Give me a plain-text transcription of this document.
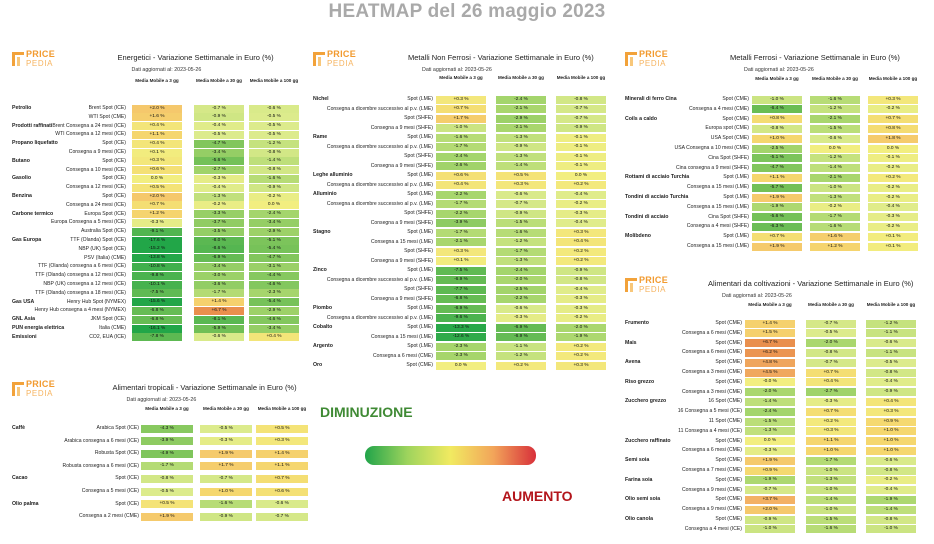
HEATMAP del 26 maggio 2023
PRICE
PEDIA
Energetici - Variazione Settimanale in Euro (%)
Dati aggiornati al: 2023-05-26
Media Mobile a 3 gg	Media Mobile a 30 gg	Media Mobile a 100 gg
Petrolio	Brent Spot (ICE)	+2.0 %	-0.7 %	-0.6 %
WTI Spot (CME)	+1.6 %	-0.9 %	-0.5 %
Prodotti raffinati Brent Consegna a 24 mesi (ICE)	+0.4 %	-0.4 %	-0.5 %
WTI Consegna a 12 mesi (ICE)	+1.1 %	-0.5 %	-0.5 %
Propano liquefatto	Spot (ICE)	+0.4 %	-4.7 %	-1.2 %
Consegna a 9 mesi (ICE)	+0.1 %	-3.4 %	-0.8 %
Butano	Spot (ICE)	+0.3 %	-5.6 %	-1.4 %
Consegna a 10 mesi (ICE)	+0.6 %	-2.7 %	-0.8 %
Gasolio	Spot (ICE)	0.0 %	-0.3 %	-1.6 %
Consegna a 12 mesi (ICE)	+0.5 %	-0.4 %	-0.9 %
Benzina	Spot (ICE)	+2.0 %	-1.3 %	-0.2 %
Consegna a 24 mesi (ICE)	+0.7 %	-0.2 %	0.0 %
Carbone termico	Europa Spot (ICE)	+1.2 %	-3.3 %	-2.4 %
Europa Consegna a 5 mesi (ICE)	-0.3 %	-3.7 %	-3.4 %
Australia Spot (ICE)	-9.1 %	-3.5 %	-2.9 %
Gas Europa	TTF (Olanda) Spot (ICE)	-17.6 %	-8.0 %	-5.1 %
NBP (UK) Spot (ICE)	-15.2 %	-8.6 %	-5.4 %
PSV (Italia) (CME)	-13.8 %	-6.9 %	-4.7 %
TTF (Olanda) consegna a 6 mesi (ICE)	-10.8 %	-3.4 %	-3.1 %
TTF (Olanda) consegna a 12 mesi (ICE)	-9.8 %	-3.0 %	-4.4 %
NBP (UK) consegna a 12 mesi (ICE)	-10.1 %	-3.6 %	-4.6 %
TTF (Olanda) consegna a 18 mesi (ICE)	-7.5 %	-1.7 %	-2.3 %
Gas USA	Henry Hub Spot (NYMEX)	-15.6 %	+1.4 %	-5.4 %
Henry Hub consegna a 4 mesi (NYMEX)	-6.8 %	+6.7 %	-2.9 %
GNL Asia	JKM Spot (ICE)	-6.8 %	-8.1 %	-4.6 %
PUN energia elettrica	Italia (CME)	-16.1 %	-5.9 %	-3.4 %
Emissioni	CO2, EUA (ICE)	-7.8 %	-0.6 %	+0.4 %
PRICE
PEDIA
Metalli Non Ferrosi - Variazione Settimanale in Euro (%)
Dati aggiornati al: 2023-05-26
Media Mobile a 3 gg	Media Mobile a 30 gg	Media Mobile a 100 gg
Nichel	Spot (LME)	+0.3 %	-2.4 %	-0.8 %
Consegna a dicembre successivo al p.v. (LME)	+0.7 %	-2.1 %	-0.7 %
Spot (SHFE)	+1.7 %	-2.9 %	-0.7 %
Consegna a 9 mesi (SHFE)	-1.0 %	-2.1 %	-0.9 %
Rame	Spot (LME)	-1.6 %	-1.3 %	-0.1 %
Consegna a dicembre successivo al p.v. (LME)	-1.7 %	-0.9 %	-0.1 %
Spot (SHFE)	-2.4 %	-1.3 %	-0.1 %
Consegna a 9 mesi (SHFE)	-2.6 %	-1.4 %	-0.1 %
Leghe alluminio	Spot (LME)	+0.6 %	+0.5 %	0.0 %
Consegna a dicembre successivo al p.v. (LME)	+0.4 %	+0.3 %	+0.2 %
Alluminio	Spot (LME)	-2.2 %	-0.6 %	-0.4 %
Consegna a dicembre successivo al p.v. (LME)	-1.7 %	-0.7 %	-0.2 %
Spot (SHFE)	-2.2 %	-0.9 %	-0.3 %
Consegna a 9 mesi (SHFE)	-3.9 %	-1.5 %	-0.4 %
Stagno	Spot (LME)	-1.7 %	-1.6 %	+0.3 %
Consegna a 15 mesi (LME)	-2.1 %	-1.2 %	+0.4 %
Spot (SHFE)	+0.3 %	-1.7 %	+0.2 %
Consegna a 9 mesi (SHFE)	+0.1 %	-1.3 %	+0.2 %
Zinco	Spot (LME)	-7.5 %	-2.4 %	-0.9 %
Consegna a dicembre successivo al p.v. (LME)	-6.9 %	-2.0 %	-0.8 %
Spot (SHFE)	-7.7 %	-2.5 %	-0.4 %
Consegna a 9 mesi (SHFE)	-6.8 %	-2.2 %	-0.3 %
Piombo	Spot (LME)	-6.9 %	-0.6 %	-0.3 %
Consegna a dicembre successivo al p.v. (LME)	-9.6 %	-0.3 %	-0.2 %
Cobalto	Spot (LME)	-13.3 %	-6.9 %	-2.0 %
Consegna a 15 mesi (LME)	-12.6 %	-6.9 %	-1.9 %
Argento	Spot (LME)	-2.3 %	-1.1 %	+0.2 %
Consegna a 6 mesi (CME)	-2.3 %	-1.2 %	+0.2 %
Oro	Spot (CME)	0.0 %	+0.2 %	+0.3 %
PRICE
PEDIA
Metalli Ferrosi - Variazione Settimanale in Euro (%)
Dati aggiornati al: 2023-05-26
Media Mobile a 3 gg	Media Mobile a 30 gg	Media Mobile a 100 gg
Minerali di ferro Cina	Spot (CME)	-1.0 %	-1.6 %	+0.3 %
Consegna a 4 mesi (CME)	-6.4 %	-1.2 %	-0.2 %
Coils a caldo	Spot (CME)	+0.8 %	-2.1 %	+0.7 %
Europa spot (CME)	-0.8 %	-1.5 %	+0.8 %
USA Spot (CME)	+1.0 %	-0.6 %	+1.8 %
USA Consegna a 10 mesi (CME)	-2.5 %	0.0 %	0.0 %
Cina Spot (SHFE)	-5.1 %	-1.2 %	-0.1 %
Cina consegna a 9 mesi (SHFE)	-4.7 %	-1.4 %	-0.2 %
Rottami di acciaio Turchia	Spot (LME)	+1.1 %	-2.1 %	+0.2 %
Consegna a 15 mesi (LME)	-5.7 %	-1.0 %	-0.2 %
Tondini di acciaio Turchia	Spot (LME)	+1.9 %	-1.3 %	-0.2 %
Consegna a 15 mesi (LME)	-1.9 %	-0.2 %	-0.4 %
Tondini di acciaio	Cina Spot (SHFE)	-5.6 %	-1.7 %	-0.3 %
Consegna a 4 mesi (SHFE)	-6.3 %	-1.6 %	-0.2 %
Molibdeno	Spot (LME)	+0.7 %	+1.6 %	+0.1 %
Consegna a 15 mesi (LME)	+1.9 %	+1.2 %	+0.1 %
PRICE
PEDIA
Alimentari tropicali - Variazione Settimanale in Euro (%)
Dati aggiornati al: 2023-05-26
Media Mobile a 3 gg	Media Mobile a 30 gg	Media Mobile a 100 gg
Caffè	Arabica Spot (ICE)	-4.3 %	-0.5 %	+0.5 %
Arabica consegna a 6 mesi (ICE)	-3.9 %	-0.3 %	+0.3 %
Robusta Spot (ICE)	-4.9 %	+1.9 %	+1.4 %
Robusta consegna a 6 mesi (ICE)	-1.7 %	+1.7 %	+1.1 %
Cacao	Spot (ICE)	-0.8 %	-0.7 %	+0.7 %
Consegna a 5 mesi (ICE)	-0.5 %	+1.0 %	+0.6 %
Olio palma	Spot (ICE)	+0.5 %	-1.6 %	-0.6 %
Consegna a 2 mesi (CME)	+1.9 %	-0.9 %	-0.7 %
PRICE
PEDIA
Alimentari da coltivazioni - Variazione Settimanale in Euro (%)
Dati aggiornati al: 2023-05-26
Media Mobile a 3 gg	Media Mobile a 30 gg	Media Mobile a 100 gg
Frumento	Spot (CME)	+1.4 %	-0.7 %	-1.2 %
Consegna a 6 mesi (CME)	+1.5 %	-0.5 %	-1.1 %
Mais	Spot (CME)	+6.7 %	-2.0 %	-0.6 %
Consegna a 6 mesi (CME)	+6.2 %	-0.8 %	-1.1 %
Avena	Spot (CME)	+4.8 %	-0.7 %	-0.5 %
Consegna a 3 mesi (CME)	+4.5 %	+0.7 %	-0.8 %
Riso grezzo	Spot (CME)	-0.0 %	+0.4 %	-0.4 %
Consegna a 3 mesi (CME)	-2.0 %	-2.7 %	-0.9 %
Zucchero grezzo	16 Spot (CME)	-1.4 %	-0.3 %	+0.4 %
16 Consegna a 5 mesi (ICE)	-2.4 %	+0.7 %	+0.3 %
11 Spot (CME)	-1.5 %	+0.2 %	+0.9 %
11 Consegna a 4 mesi (ICE)	-1.3 %	+0.3 %	+1.0 %
Zucchero raffinato	Spot (CME)	0.0 %	+1.1 %	+1.0 %
Consegna a 6 mesi (CME)	-0.3 %	+1.0 %	+1.0 %
Semi soia	Spot (CME)	+1.9 %	-1.7 %	-0.6 %
Consegna a 7 mesi (CME)	+0.9 %	-1.0 %	-0.8 %
Farina soia	Spot (CME)	-1.9 %	-1.3 %	-0.2 %
Consegna a 9 mesi (CME)	-0.7 %	-1.0 %	-0.4 %
Olio semi soia	Spot (CME)	+3.7 %	-1.4 %	-1.9 %
Consegna a 9 mesi (CME)	+2.0 %	-1.0 %	-1.4 %
Olio canola	Spot (CME)	-0.9 %	-1.5 %	-0.8 %
Consegna a 4 mesi (ICE)	-1.0 %	-1.6 %	-1.0 %
DIMINUZIONE
AUMENTO
